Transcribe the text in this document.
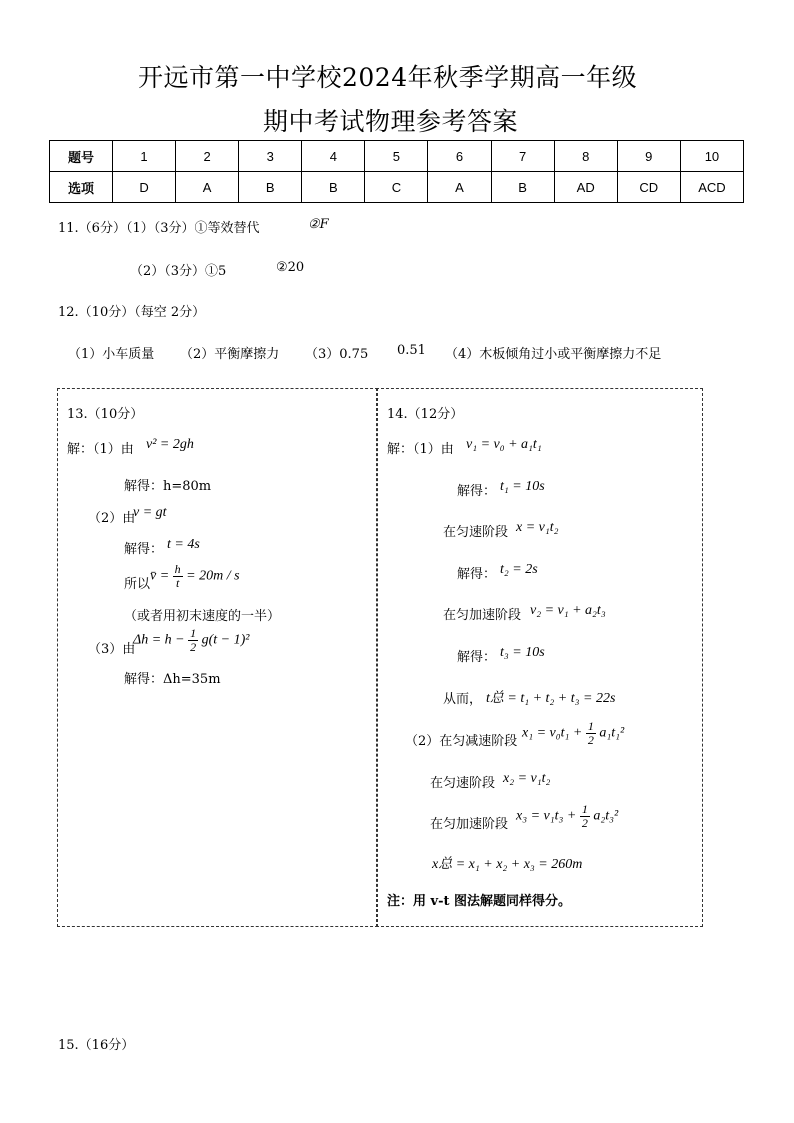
开远市第一中学校2024年秋季学期高一年级
期中考试物理参考答案
题号	1	2	3	4	5	6	7	8	9	10
选项	D	A	B	B	C	A	B	AD	CD	ACD
11.（6分）（1）（3分）①等效替代	②F
（2）（3分）①5	②20
12.（10分）（每空 2分）
（1）小车质量 （2）平衡摩擦力 （3）0.75 0.51 （4）木板倾角过小或平衡摩擦力不足
13.（10分）
解：（1）由 v² = 2gh
解得：h=80m
（2）由
v = gt
解得： t = 4s
所以
v̄ = $\frac{h}{t} = 20m / s$
（或者用初末速度的一半）
（3）由
$\Delta h = h - \frac{1}{2} g(t - 1)^2$
解得：Δh=35m
14.（12分）
解：（1）由 v₁ = v₀ + a₁t₁
解得： t₁ = 10s
在匀速阶段 x = v₁t₂
解得： t₂ = 2s
在匀加速阶段 v₂ = v₁ + a₂t₃
解得： t₃ = 10s
从而， t总 = t₁ + t₂ + t₃ = 22s
（2）在匀减速阶段
$x_1 = v_0t_1 + \frac{1}{2} a_1t_1^2$
在匀速阶段 x₂ = v₁t₂
在匀加速阶段
$x_3 = v_1t_3 + \frac{1}{2} a_2t_3^2$
x总 = x₁ + x₂ + x₃ = 260m
注：用 v-t 图法解题同样得分。
15.（16分）
